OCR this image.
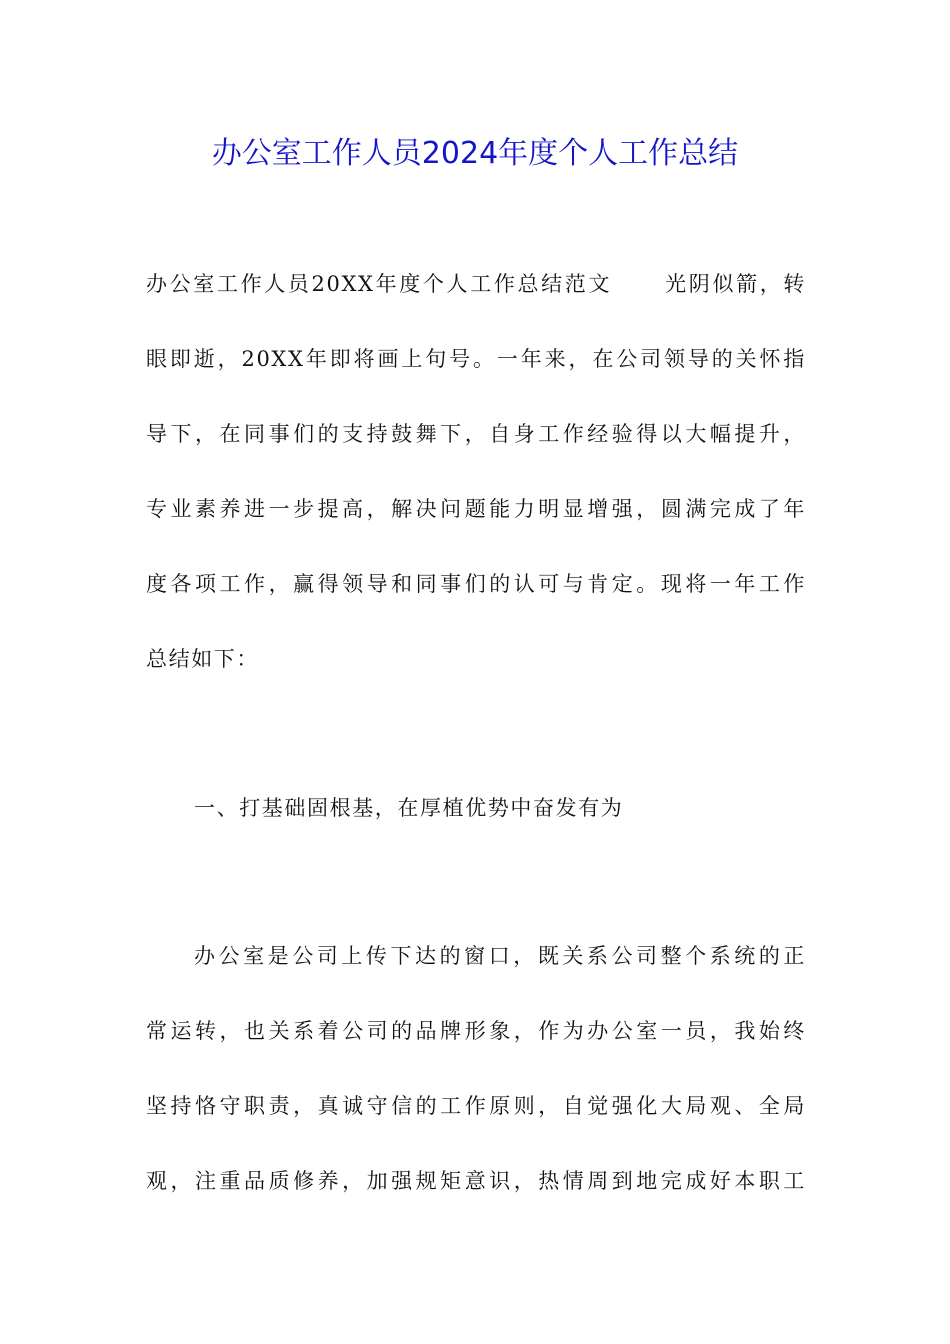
办公室工作人员2024年度个人工作总结
办公室工作人员20XX年度个人工作总结范文 光阴似箭，转
眼即逝，20XX年即将画上句号。一年来，在公司领导的关怀指
导下，在同事们的支持鼓舞下，自身工作经验得以大幅提升，
专业素养进一步提高，解决问题能力明显增强，圆满完成了年
度各项工作，赢得领导和同事们的认可与肯定。现将一年工作
总结如下：
一、打基础固根基，在厚植优势中奋发有为
办公室是公司上传下达的窗口，既关系公司整个系统的正
常运转，也关系着公司的品牌形象，作为办公室一员，我始终
坚持恪守职责，真诚守信的工作原则，自觉强化大局观、全局
观，注重品质修养，加强规矩意识，热情周到地完成好本职工
